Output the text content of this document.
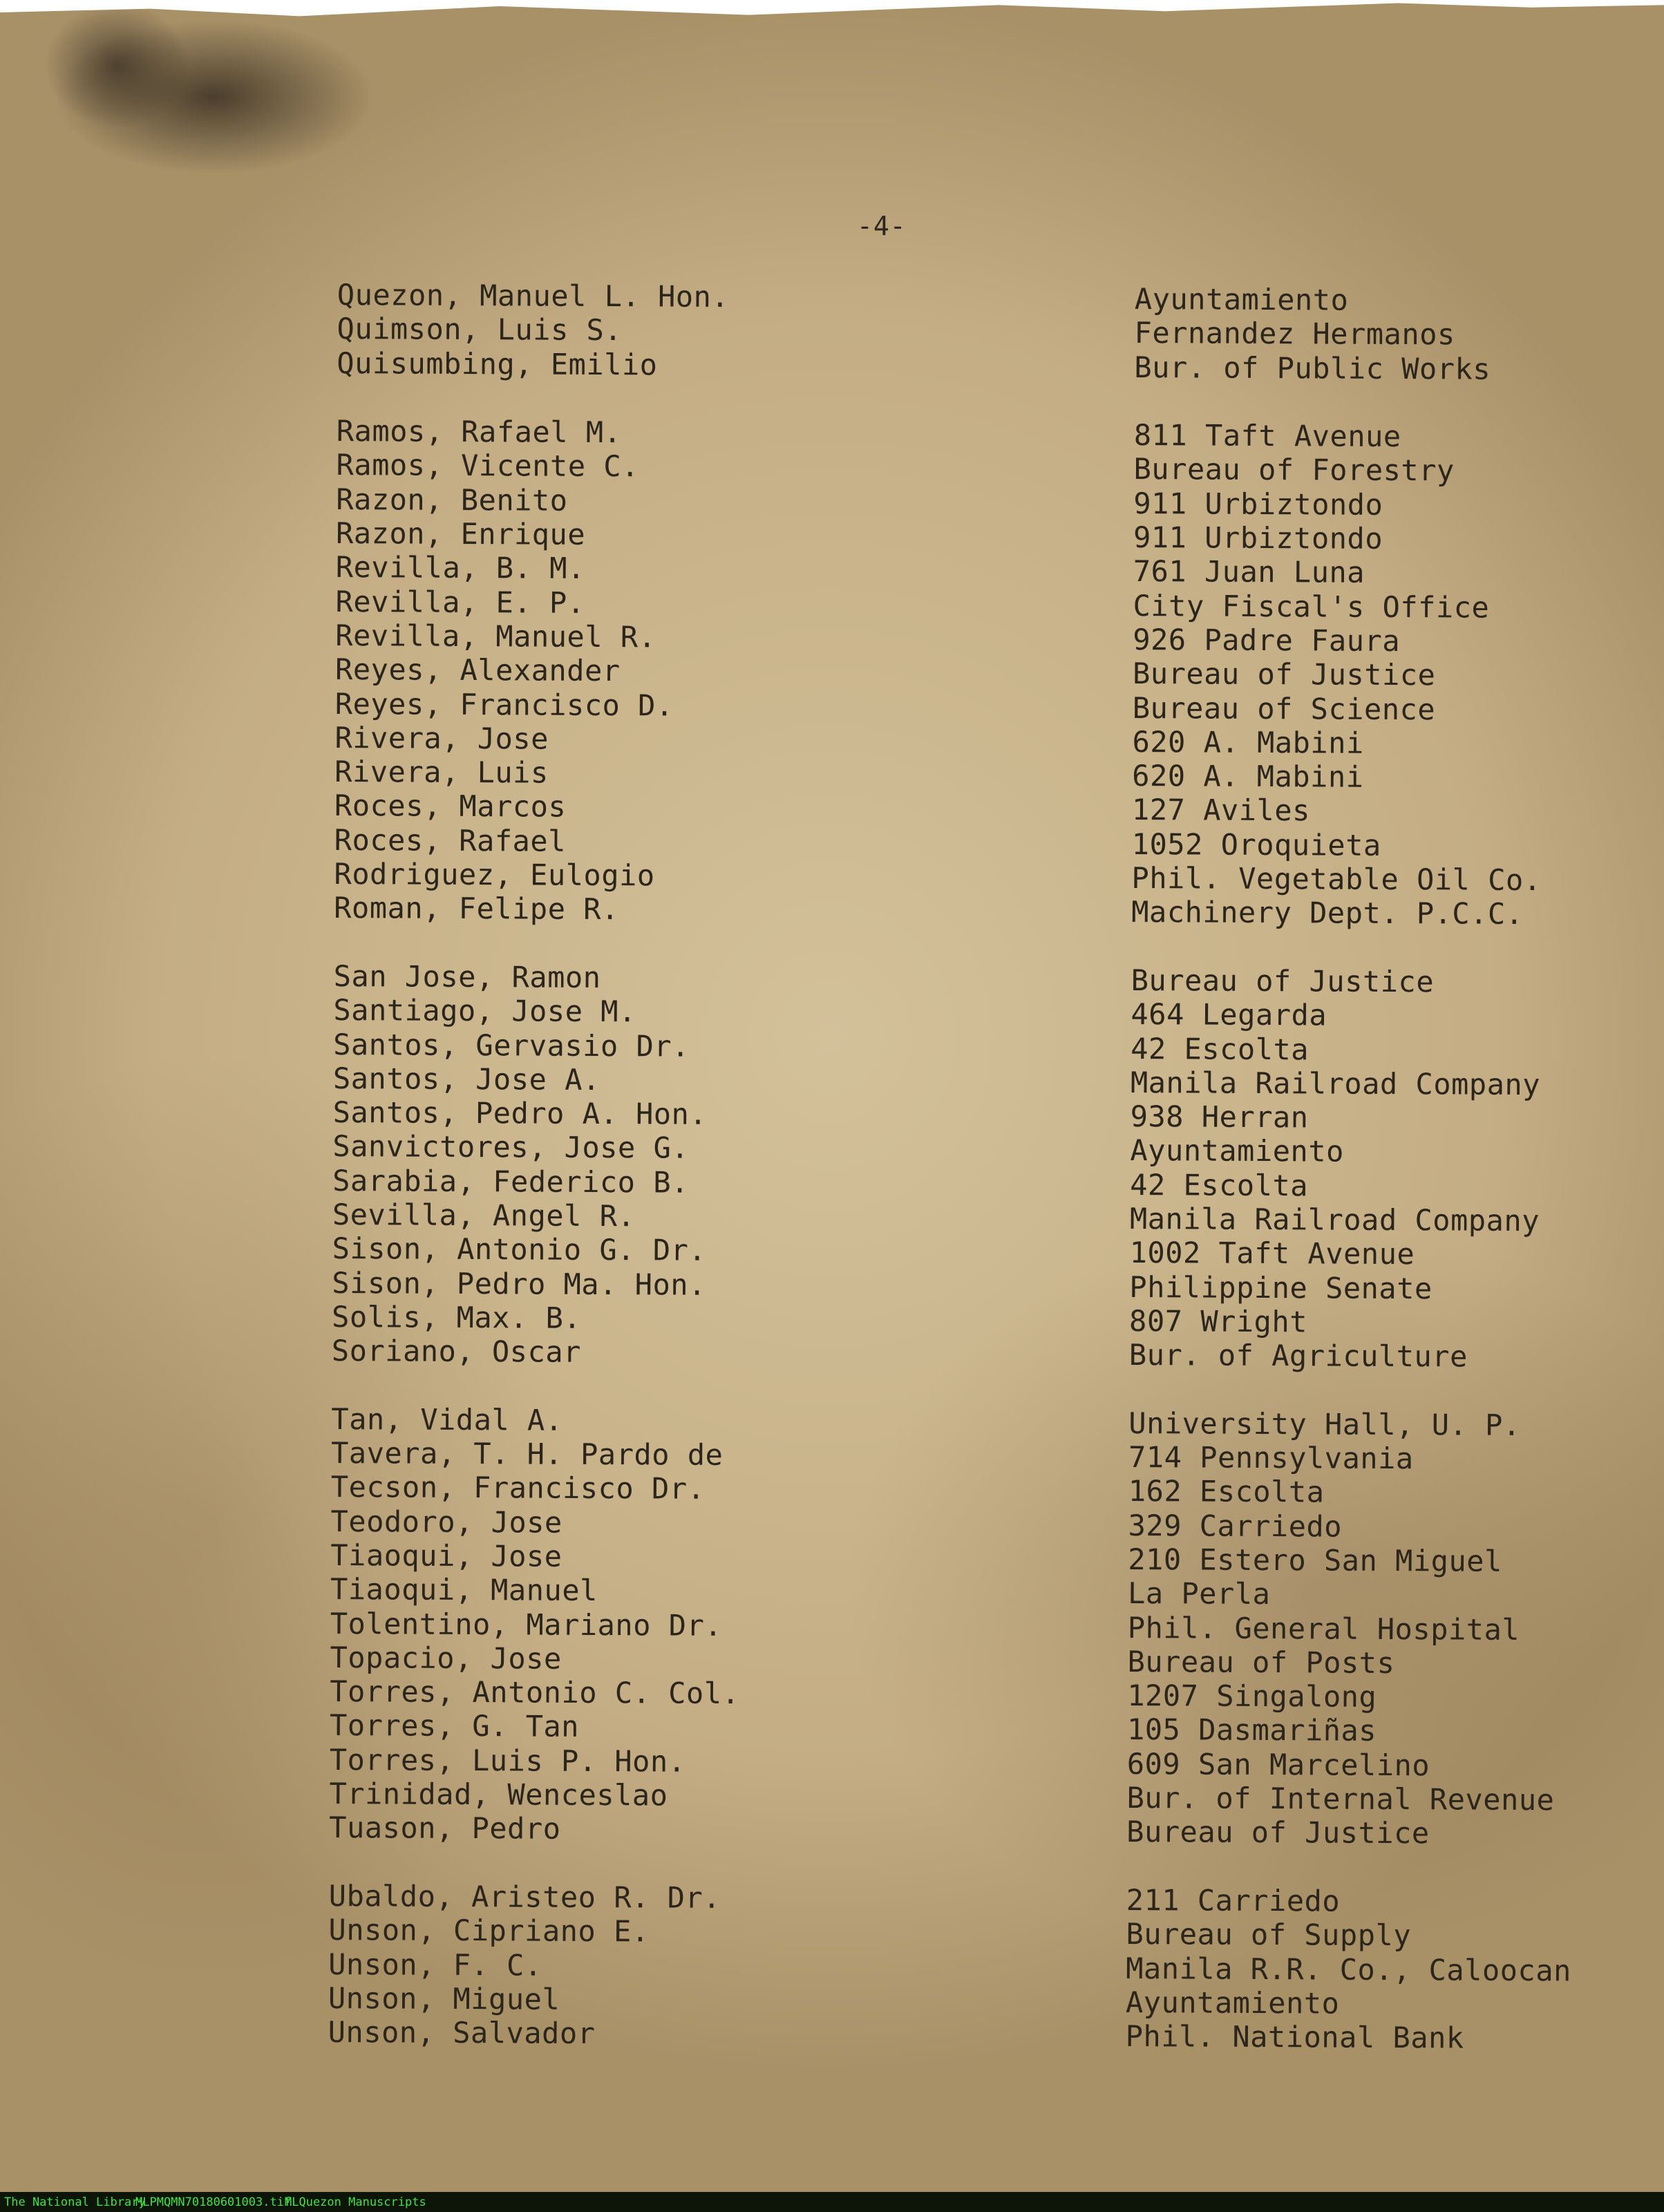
-4-
Quezon, Manuel L. Hon.
Quimson, Luis S.
Quisumbing, Emilio
Ramos, Rafael M.
Ramos, Vicente C.
Razon, Benito
Razon, Enrique
Revilla, B. M.
Revilla, E. P.
Revilla, Manuel R.
Reyes, Alexander
Reyes, Francisco D.
Rivera, Jose
Rivera, Luis
Roces, Marcos
Roces, Rafael
Rodriguez, Eulogio
Roman, Felipe R.
San Jose, Ramon
Santiago, Jose M.
Santos, Gervasio Dr.
Santos, Jose A.
Santos, Pedro A. Hon.
Sanvictores, Jose G.
Sarabia, Federico B.
Sevilla, Angel R.
Sison, Antonio G. Dr.
Sison, Pedro Ma. Hon.
Solis, Max. B.
Soriano, Oscar
Tan, Vidal A.
Tavera, T. H. Pardo de
Tecson, Francisco Dr.
Teodoro, Jose
Tiaoqui, Jose
Tiaoqui, Manuel
Tolentino, Mariano Dr.
Topacio, Jose
Torres, Antonio C. Col.
Torres, G. Tan
Torres, Luis P. Hon.
Trinidad, Wenceslao
Tuason, Pedro
Ubaldo, Aristeo R. Dr.
Unson, Cipriano E.
Unson, F. C.
Unson, Miguel
Unson, Salvador
Ayuntamiento
Fernandez Hermanos
Bur. of Public Works
811 Taft Avenue
Bureau of Forestry
911 Urbiztondo
911 Urbiztondo
761 Juan Luna
City Fiscal's Office
926 Padre Faura
Bureau of Justice
Bureau of Science
620 A. Mabini
620 A. Mabini
127 Aviles
1052 Oroquieta
Phil. Vegetable Oil Co.
Machinery Dept. P.C.C.
Bureau of Justice
464 Legarda
42 Escolta
Manila Railroad Company
938 Herran
Ayuntamiento
42 Escolta
Manila Railroad Company
1002 Taft Avenue
Philippine Senate
807 Wright
Bur. of Agriculture
University Hall, U. P.
714 Pennsylvania
162 Escolta
329 Carriedo
210 Estero San Miguel
La Perla
Phil. General Hospital
Bureau of Posts
1207 Singalong
105 Dasmariñas
609 San Marcelino
Bur. of Internal Revenue
Bureau of Justice
211 Carriedo
Bureau of Supply
Manila R.R. Co., Caloocan
Ayuntamiento
Phil. National Bank
The National Library
MLPMQMN70180601003.tif
MLQuezon Manuscripts
